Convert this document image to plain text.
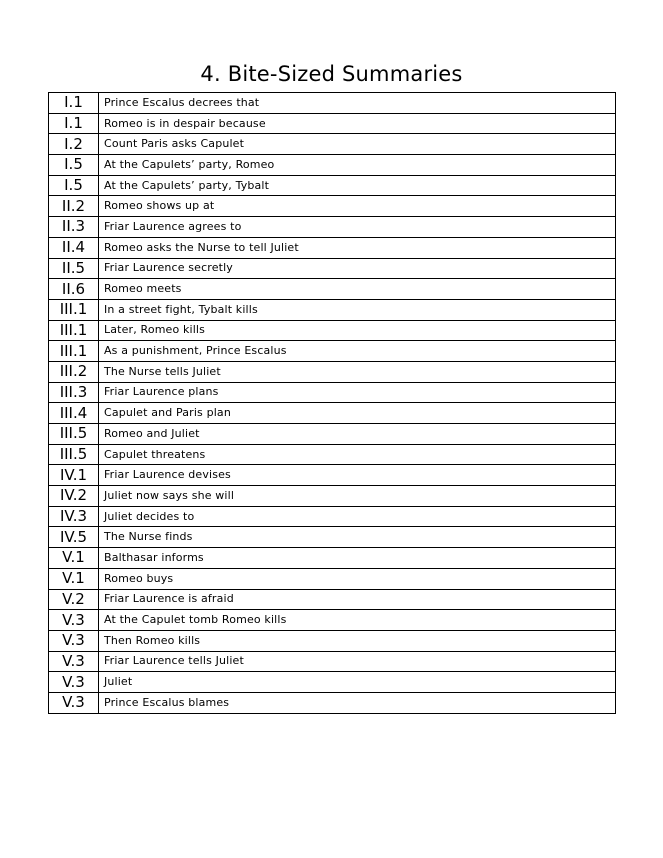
4. Bite-Sized Summaries
I.1	Prince Escalus decrees that
I.1	Romeo is in despair because
I.2	Count Paris asks Capulet
I.5	At the Capulets’ party, Romeo
I.5	At the Capulets’ party, Tybalt
II.2	Romeo shows up at
II.3	Friar Laurence agrees to
II.4	Romeo asks the Nurse to tell Juliet
II.5	Friar Laurence secretly
II.6	Romeo meets
III.1	In a street fight, Tybalt kills
III.1	Later, Romeo kills
III.1	As a punishment, Prince Escalus
III.2	The Nurse tells Juliet
III.3	Friar Laurence plans
III.4	Capulet and Paris plan
III.5	Romeo and Juliet
III.5	Capulet threatens
IV.1	Friar Laurence devises
IV.2	Juliet now says she will
IV.3	Juliet decides to
IV.5	The Nurse finds
V.1	Balthasar informs
V.1	Romeo buys
V.2	Friar Laurence is afraid
V.3	At the Capulet tomb Romeo kills
V.3	Then Romeo kills
V.3	Friar Laurence tells Juliet
V.3	Juliet
V.3	Prince Escalus blames
